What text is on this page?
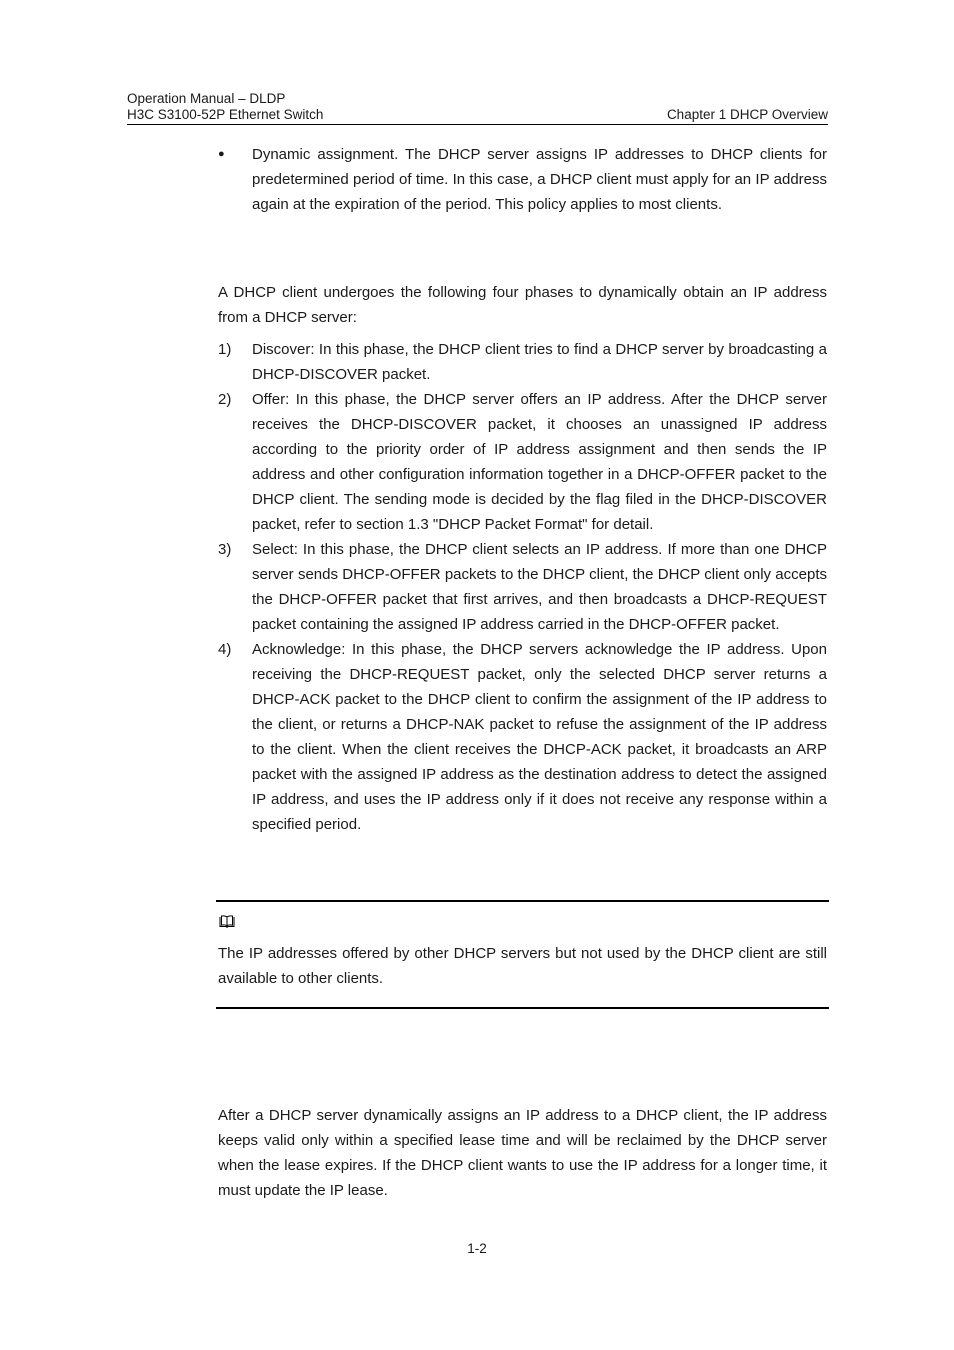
Operation Manual – DLDP
H3C S3100-52P Ethernet Switch	Chapter 1 DHCP Overview
●	Dynamic assignment. The DHCP server assigns IP addresses to DHCP clients for predetermined period of time. In this case, a DHCP client must apply for an IP address again at the expiration of the period. This policy applies to most clients.

A DHCP client undergoes the following four phases to dynamically obtain an IP address from a DHCP server:

1)	Discover: In this phase, the DHCP client tries to find a DHCP server by broadcasting a DHCP-DISCOVER packet.
2)	Offer: In this phase, the DHCP server offers an IP address. After the DHCP server receives the DHCP-DISCOVER packet, it chooses an unassigned IP address according to the priority order of IP address assignment and then sends the IP address and other configuration information together in a DHCP-OFFER packet to the DHCP client. The sending mode is decided by the flag filed in the DHCP-DISCOVER packet, refer to section 1.3 "DHCP Packet Format" for detail.
3)	Select: In this phase, the DHCP client selects an IP address. If more than one DHCP server sends DHCP-OFFER packets to the DHCP client, the DHCP client only accepts the DHCP-OFFER packet that first arrives, and then broadcasts a DHCP-REQUEST packet containing the assigned IP address carried in the DHCP-OFFER packet.
4)	Acknowledge: In this phase, the DHCP servers acknowledge the IP address. Upon receiving the DHCP-REQUEST packet, only the selected DHCP server returns a DHCP-ACK packet to the DHCP client to confirm the assignment of the IP address to the client, or returns a DHCP-NAK packet to refuse the assignment of the IP address to the client. When the client receives the DHCP-ACK packet, it broadcasts an ARP packet with the assigned IP address as the destination address to detect the assigned IP address, and uses the IP address only if it does not receive any response within a specified period.

The IP addresses offered by other DHCP servers but not used by the DHCP client are still available to other clients.

After a DHCP server dynamically assigns an IP address to a DHCP client, the IP address keeps valid only within a specified lease time and will be reclaimed by the DHCP server when the lease expires. If the DHCP client wants to use the IP address for a longer time, it must update the IP lease.

1-2
